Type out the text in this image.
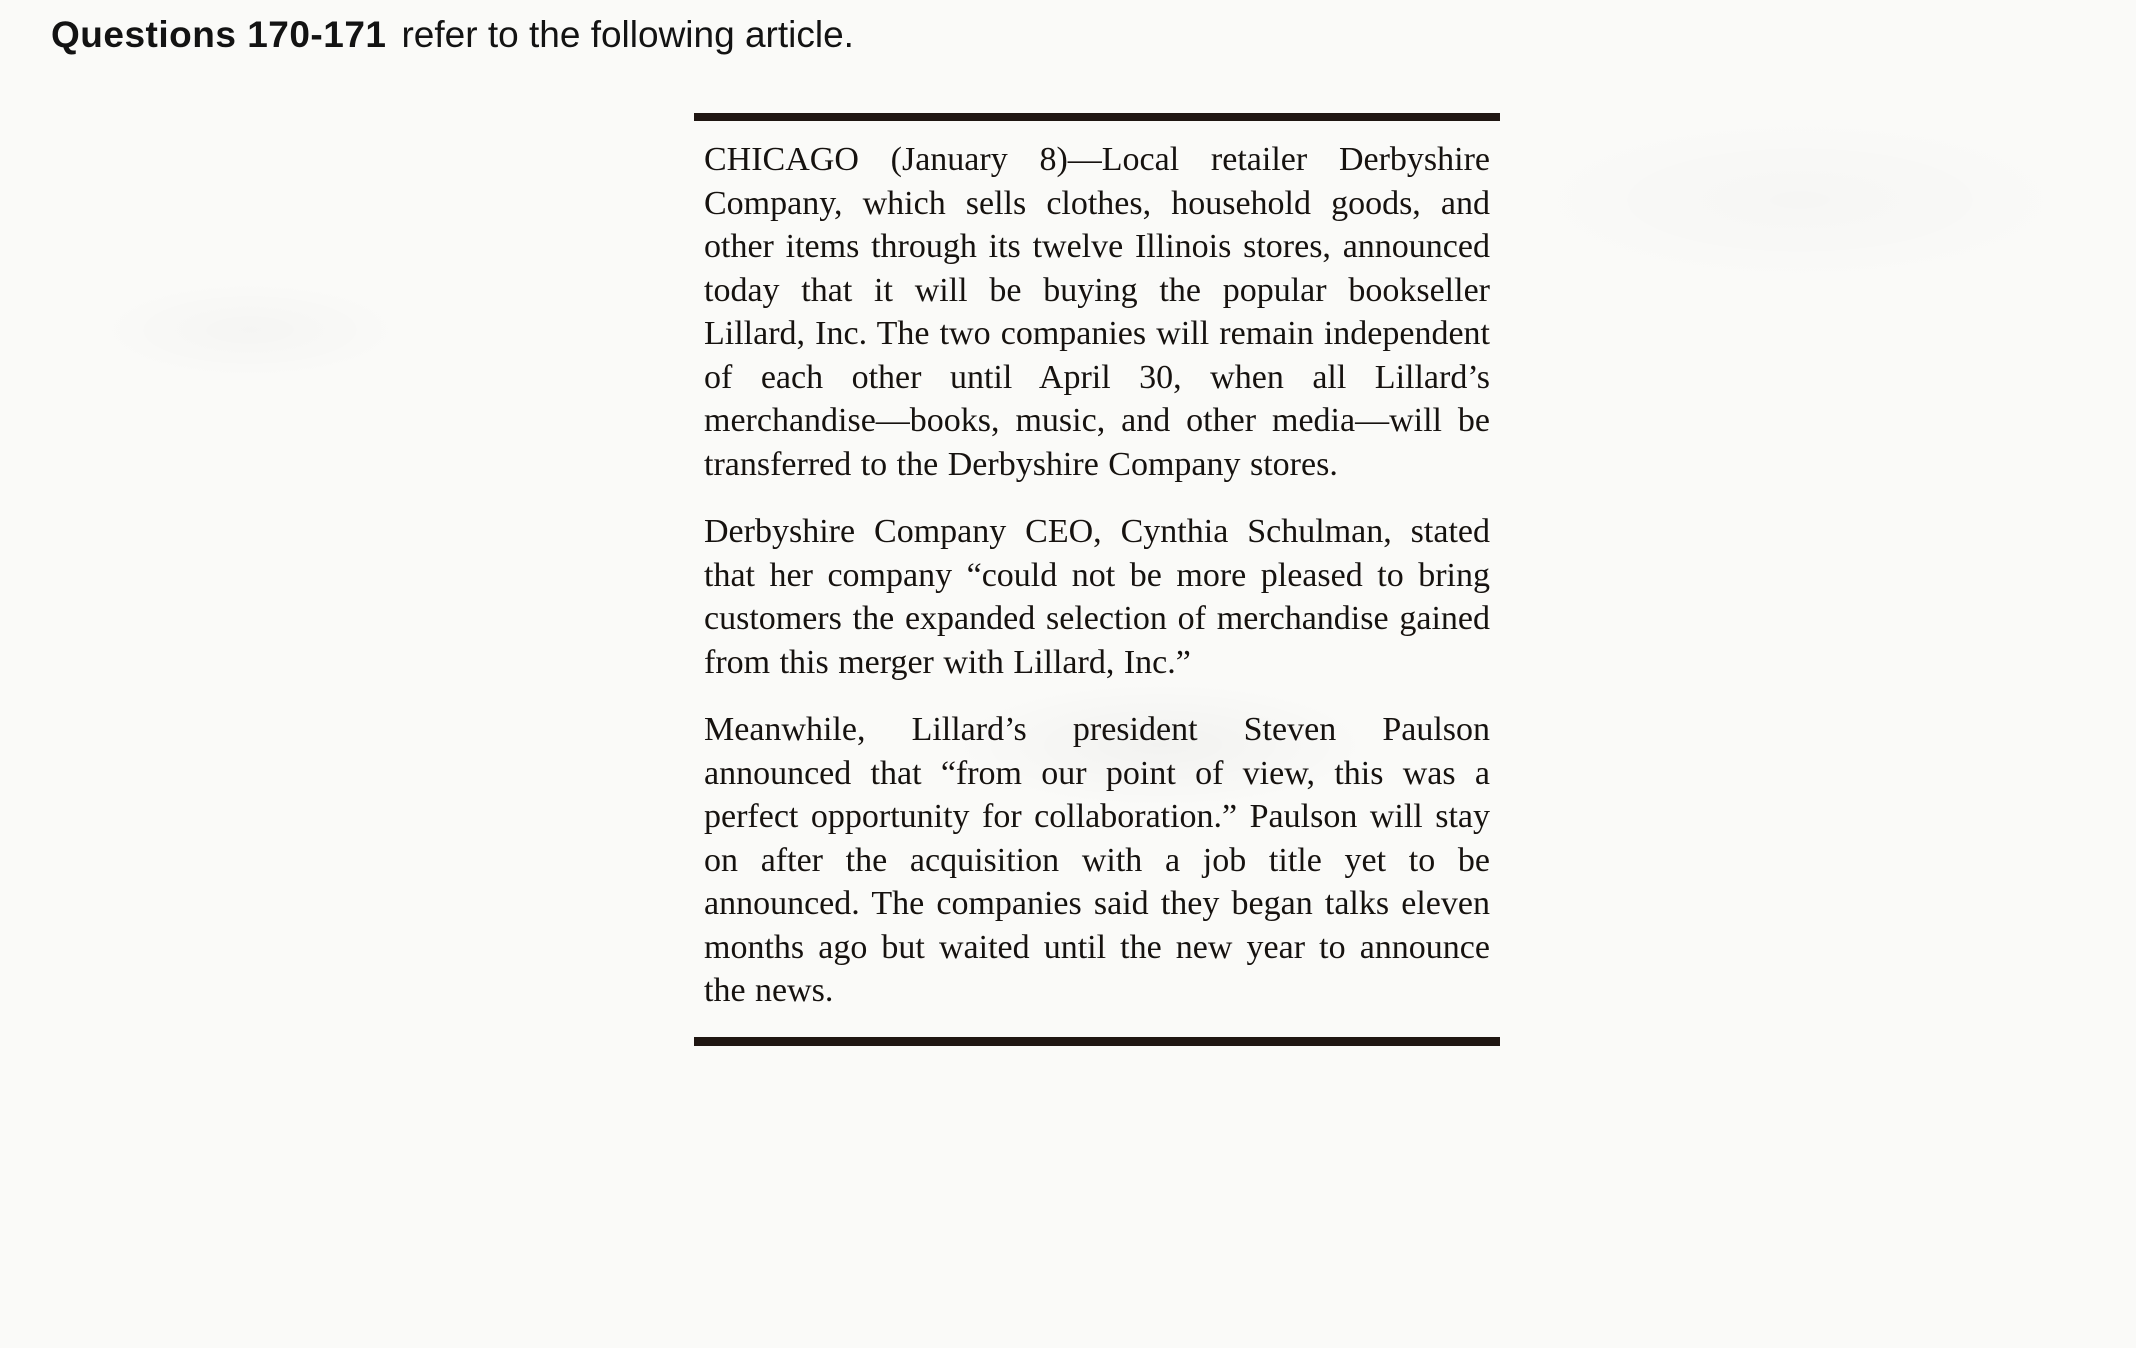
Questions 170-171 refer to the following article.

CHICAGO (January 8)—Local retailer Derbyshire Company, which sells clothes, household goods, and other items through its twelve Illinois stores, announced today that it will be buying the popular bookseller Lillard, Inc. The two companies will remain independent of each other until April 30, when all Lillard’s merchandise—books, music, and other media—will be transferred to the Derbyshire Company stores.

Derbyshire Company CEO, Cynthia Schulman, stated that her company “could not be more pleased to bring customers the expanded selection of merchandise gained from this merger with Lillard, Inc.”

Meanwhile, Lillard’s president Steven Paulson announced that “from our point of view, this was a perfect opportunity for collaboration.” Paulson will stay on after the acquisition with a job title yet to be announced. The companies said they began talks eleven months ago but waited until the new year to announce the news.
